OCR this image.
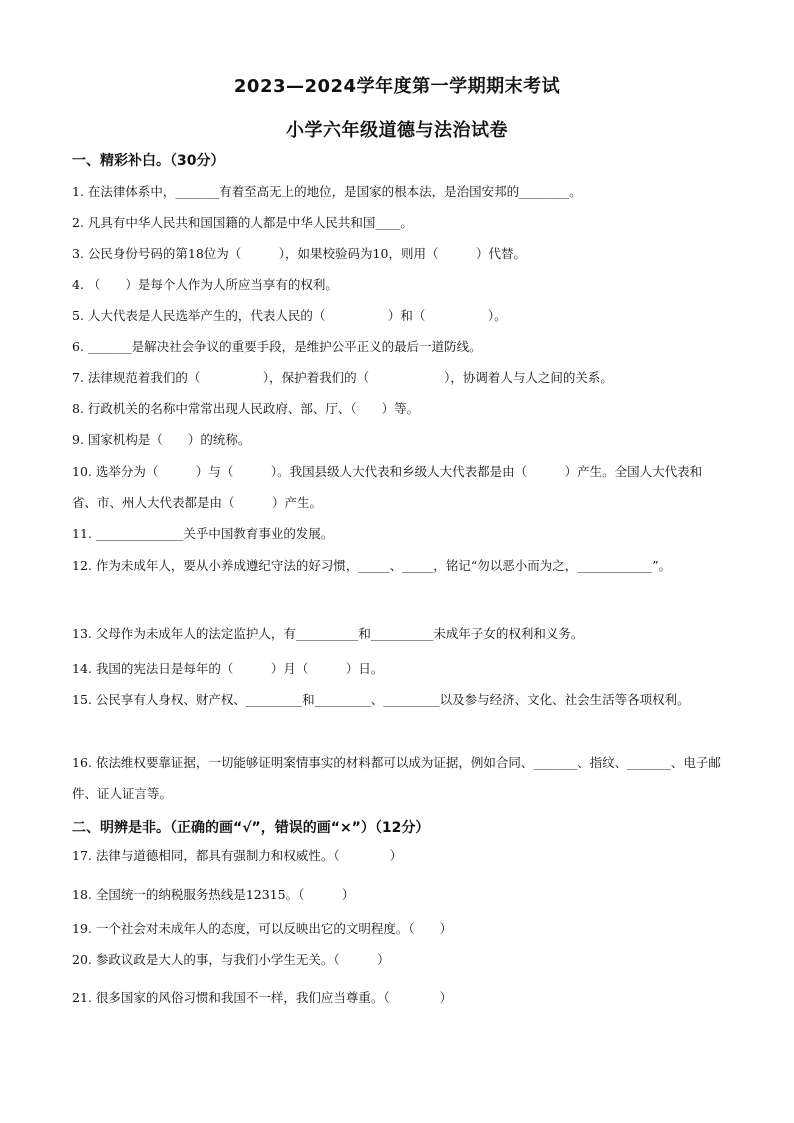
2023—2024学年度第一学期期末考试
小学六年级道德与法治试卷
一、精彩补白。（30分）
1. 在法律体系中，_______有着至高无上的地位，是国家的根本法，是治国安邦的________。
2. 凡具有中华人民共和国国籍的人都是中华人民共和国____。
3. 公民身份号码的第18位为（　　　），如果校验码为10，则用（　　　）代替。
4. （　　）是每个人作为人所应当享有的权利。
5. 人大代表是人民选举产生的，代表人民的（　　　　　）和（　　　　　）。
6. _______是解决社会争议的重要手段，是维护公平正义的最后一道防线。
7. 法律规范着我们的（　　　　　），保护着我们的（　　　　　　），协调着人与人之间的关系。
8. 行政机关的名称中常常出现人民政府、部、厅、（　　）等。
9. 国家机构是（　　）的统称。
10. 选举分为（　　　）与（　　　）。我国县级人大代表和乡级人大代表都是由（　　　）产生。全国人大代表和省、市、州人大代表都是由（　　　）产生。
11. ______________关乎中国教育事业的发展。
12. 作为未成年人，要从小养成遵纪守法的好习惯，_____、_____，铭记“勿以恶小而为之，____________”。
13. 父母作为未成年人的法定监护人，有__________和__________未成年子女的权利和义务。
14. 我国的宪法日是每年的（　　　）月（　　　）日。
15. 公民享有人身权、财产权、_________和_________、_________以及参与经济、文化、社会生活等各项权利。
16. 依法维权要靠证据，一切能够证明案情事实的材料都可以成为证据，例如合同、_______、指纹、_______、电子邮件、证人证言等。
二、明辨是非。（正确的画“√”，错误的画“×”）（12分）
17. 法律与道德相同，都具有强制力和权威性。（　　　　）
18. 全国统一的纳税服务热线是12315。（　　　）
19. 一个社会对未成年人的态度，可以反映出它的文明程度。（　　）
20. 参政议政是大人的事，与我们小学生无关。（　　　）
21. 很多国家的风俗习惯和我国不一样，我们应当尊重。（　　　　）
